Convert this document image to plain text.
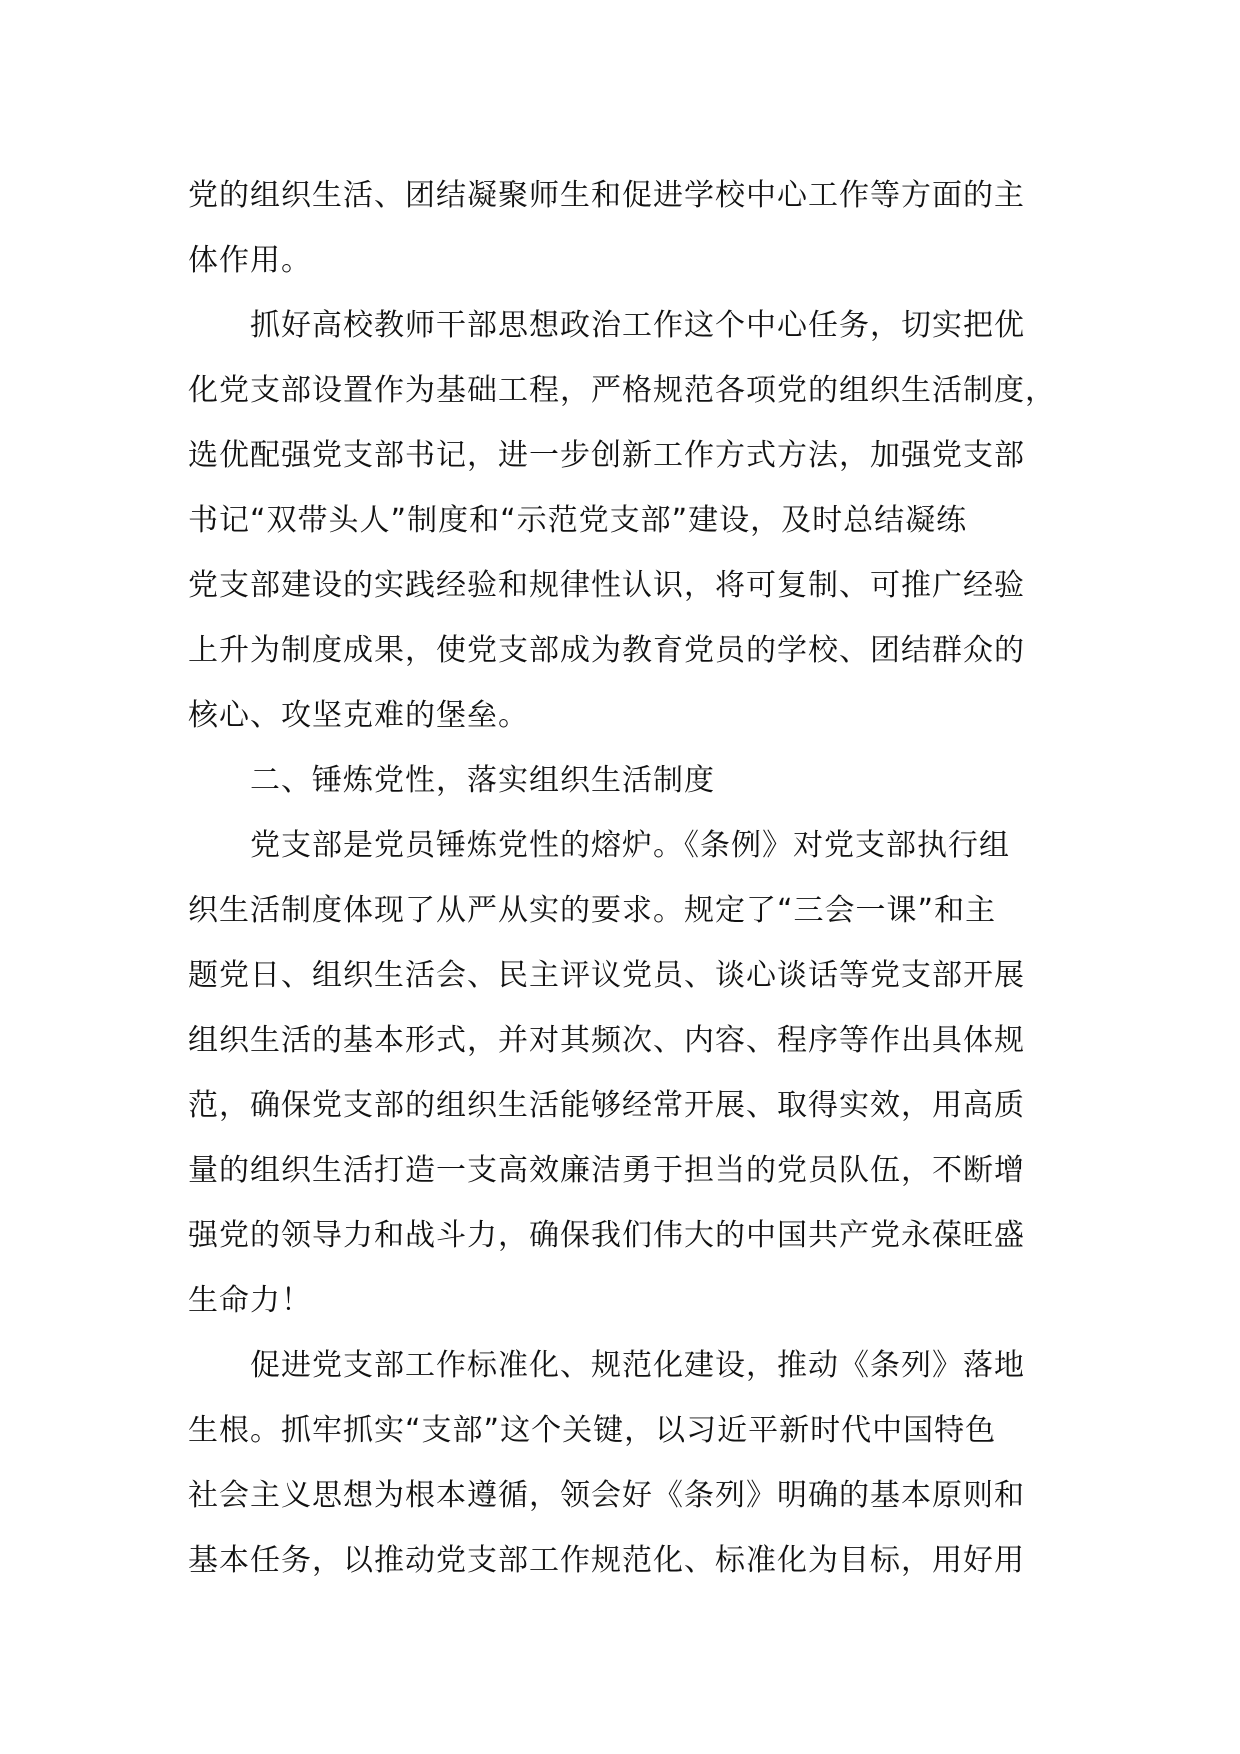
党的组织生活、团结凝聚师生和促进学校中心工作等方面的主
体作用。
抓好高校教师干部思想政治工作这个中心任务，切实把优
化党支部设置作为基础工程，严格规范各项党的组织生活制度，
选优配强党支部书记，进一步创新工作方式方法，加强党支部
书记“双带头人”制度和“示范党支部”建设，及时总结凝练
党支部建设的实践经验和规律性认识，将可复制、可推广经验
上升为制度成果，使党支部成为教育党员的学校、团结群众的
核心、攻坚克难的堡垒。
二、锤炼党性，落实组织生活制度
党支部是党员锤炼党性的熔炉。《条例》对党支部执行组
织生活制度体现了从严从实的要求。规定了“三会一课”和主
题党日、组织生活会、民主评议党员、谈心谈话等党支部开展
组织生活的基本形式，并对其频次、内容、程序等作出具体规
范，确保党支部的组织生活能够经常开展、取得实效，用高质
量的组织生活打造一支高效廉洁勇于担当的党员队伍，不断增
强党的领导力和战斗力，确保我们伟大的中国共产党永葆旺盛
生命力！
促进党支部工作标准化、规范化建设，推动《条列》落地
生根。抓牢抓实“支部”这个关键，以习近平新时代中国特色
社会主义思想为根本遵循，领会好《条列》明确的基本原则和
基本任务，以推动党支部工作规范化、标准化为目标，用好用
